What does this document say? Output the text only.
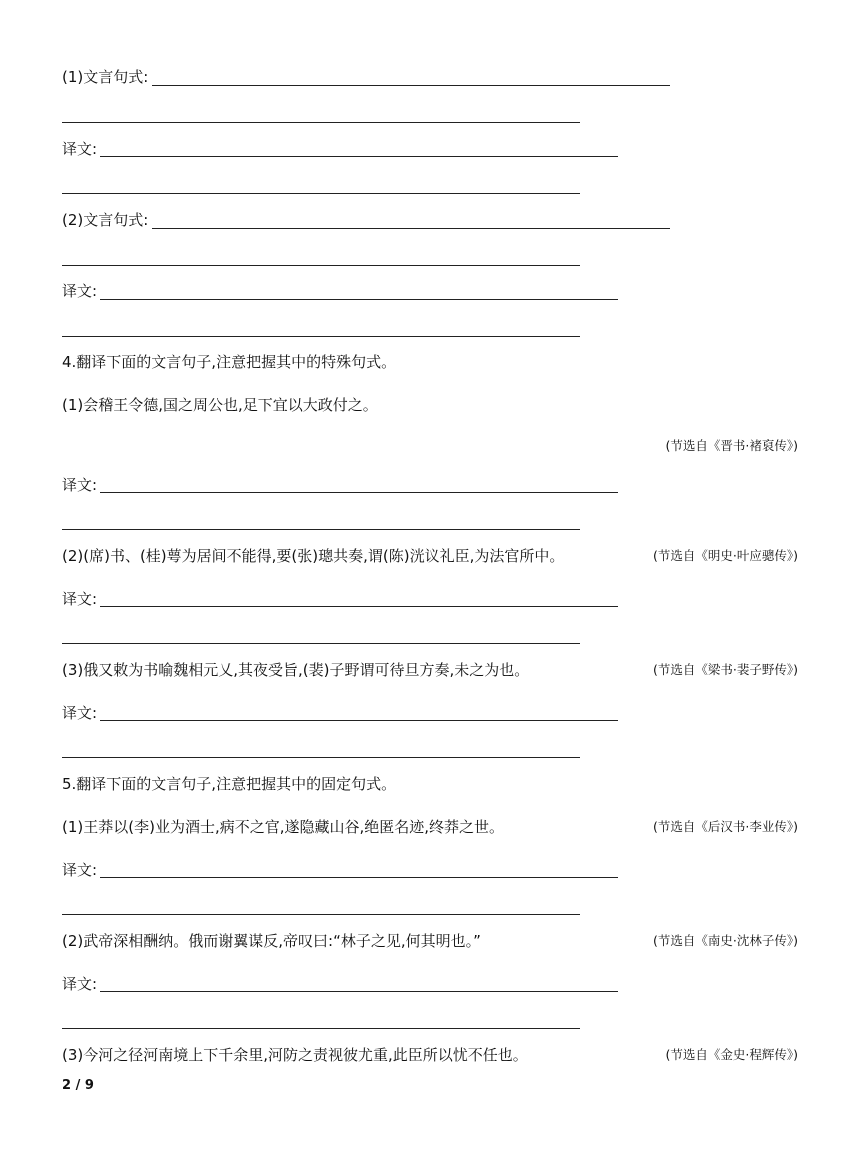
(1)文言句式:
译文:
(2)文言句式:
译文:
4.翻译下面的文言句子,注意把握其中的特殊句式。
(1)会稽王令德,国之周公也,足下宜以大政付之。
(节选自《晋书·褚裒传》)
译文:
(2)(席)书、(桂)萼为居间不能得,要(张)璁共奏,谓(陈)洸议礼臣,为法官所中。	(节选自《明史·叶应骢传》)
译文:
(3)俄又敕为书喻魏相元乂,其夜受旨,(裴)子野谓可待旦方奏,未之为也。	(节选自《梁书·裴子野传》)
译文:
5.翻译下面的文言句子,注意把握其中的固定句式。
(1)王莽以(李)业为酒士,病不之官,遂隐藏山谷,绝匿名迹,终莽之世。	(节选自《后汉书·李业传》)
译文:
(2)武帝深相酬纳。俄而谢翼谋反,帝叹曰:“林子之见,何其明也。”	(节选自《南史·沈林子传》)
译文:
(3)今河之径河南境上下千余里,河防之责视彼尤重,此臣所以忧不任也。	(节选自《金史·程辉传》)
2 / 9
